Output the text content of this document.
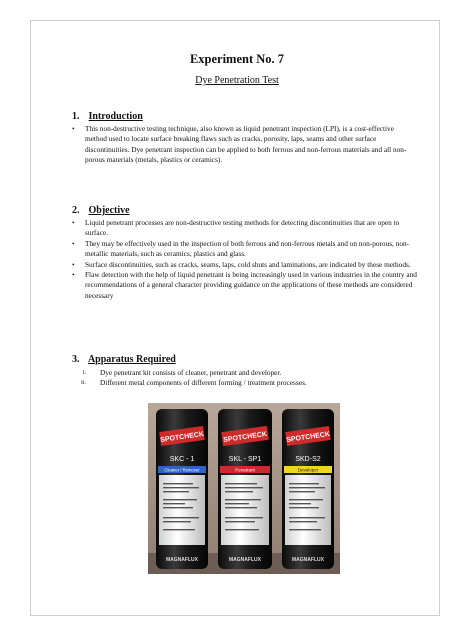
Experiment No. 7
Dye Penetration Test
1. Introduction
• This non-destructive testing technique, also known as liquid penetrant inspection (LPI), is a cost-effective method used to locate surface breaking flaws such as cracks, porosity, laps, seams and other surface discontinuities. Dye penetrant inspection can be applied to both ferrous and non-ferrous materials and all non-porous materials (metals, plastics or ceramics).
2. Objective
• Liquid penetrant processes are non-destructive testing methods for detecting discontinuities that are open to surface.
• They may be effectively used in the inspection of both ferrous and non-ferrous metals and on non-porous, non-metallic materials, such as ceramics, plastics and glass.
• Surface discontinuities, such as cracks, seams, laps, cold shuts and laminations, are indicated by these methods.
• Flaw detection with the help of liquid penetrant is being increasingly used in various industries in the country and recommendations of a general character providing guidance on the applications of these methods are considered necessary
3. Apparatus Required
i. Dye penetrant kit consists of cleaner, penetrant and developer.
ii. Different metal components of different forming / treatment processes.
SPOTCHECK
SKC - 1
Cleaner / Remover
MAGNAFLUX
SPOTCHECK
SKL - SP1
Penetrant
MAGNAFLUX
SPOTCHECK
SKD-S2
Developer
MAGNAFLUX
